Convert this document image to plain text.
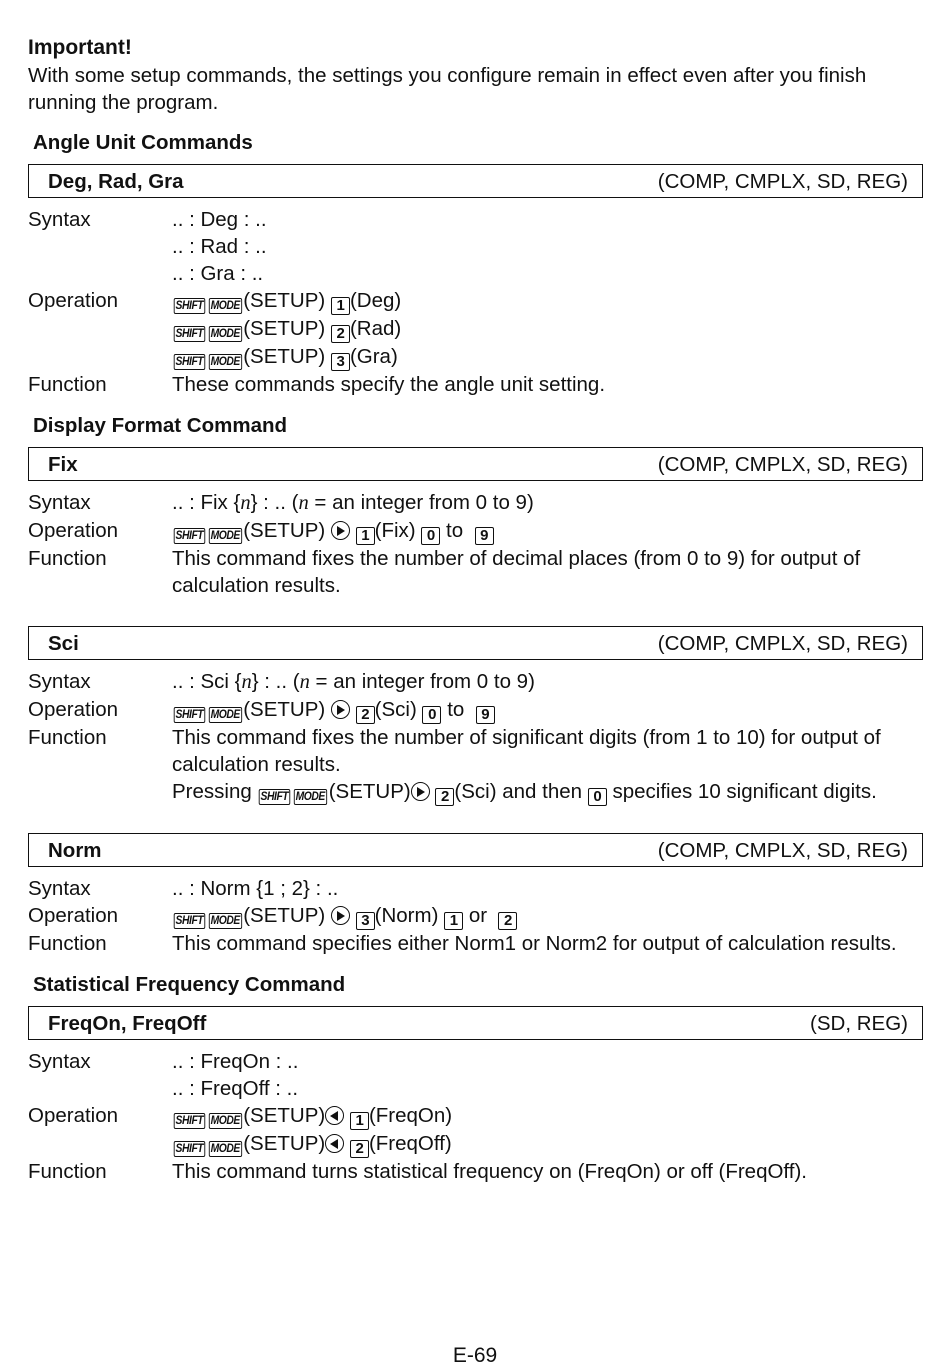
Important!
With some setup commands, the settings you configure remain in effect even after you finish running the program.
Angle Unit Commands
Deg, Rad, Gra	(COMP, CMPLX, SD, REG)
Syntax	.. : Deg : ..
.. : Rad : ..
.. : Gra : ..
Operation	SHIFT MODE (SETUP) 1 (Deg)
SHIFT MODE (SETUP) 2 (Rad)
SHIFT MODE (SETUP) 3 (Gra)
Function	These commands specify the angle unit setting.
Display Format Command
Fix	(COMP, CMPLX, SD, REG)
Syntax	.. : Fix {n} : .. (n = an integer from 0 to 9)
Operation	SHIFT MODE (SETUP) 1 (Fix) 0 to 9
Function	This command fixes the number of decimal places (from 0 to 9) for output of calculation results.
Sci	(COMP, CMPLX, SD, REG)
Syntax	.. : Sci {n} : .. (n = an integer from 0 to 9)
Operation	SHIFT MODE (SETUP) 2 (Sci) 0 to 9
Function	This command fixes the number of significant digits (from 1 to 10) for output of calculation results.
Pressing SHIFT MODE (SETUP) 2 (Sci) and then 0 specifies 10 significant digits.
Norm	(COMP, CMPLX, SD, REG)
Syntax	.. : Norm {1 ; 2} : ..
Operation	SHIFT MODE (SETUP) 3 (Norm) 1 or 2
Function	This command specifies either Norm1 or Norm2 for output of calculation results.
Statistical Frequency Command
FreqOn, FreqOff	(SD, REG)
Syntax	.. : FreqOn : ..
.. : FreqOff : ..
Operation	SHIFT MODE (SETUP) 1 (FreqOn)
SHIFT MODE (SETUP) 2 (FreqOff)
Function	This command turns statistical frequency on (FreqOn) or off (FreqOff).
E-69
